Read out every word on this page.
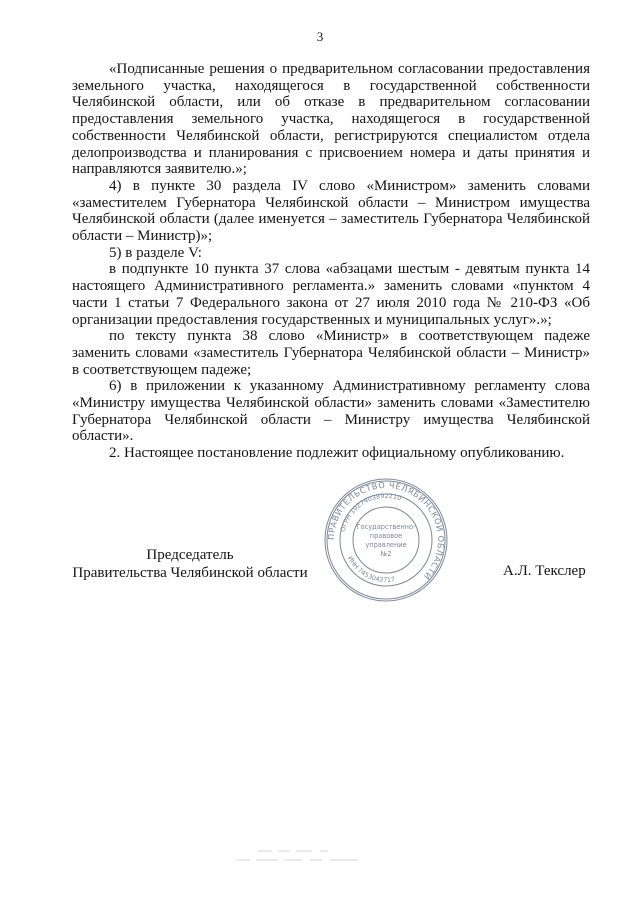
3

«Подписанные решения о предварительном согласовании предоставления земельного участка, находящегося в государственной собственности Челябинской области, или об отказе в предварительном согласовании предоставления земельного участка, находящегося в государственной собственности Челябинской области, регистрируются специалистом отдела делопроизводства и планирования с присвоением номера и даты принятия и направляются заявителю.»;

4) в пункте 30 раздела IV слово «Министром» заменить словами «заместителем Губернатора Челябинской области – Министром имущества Челябинской области (далее именуется – заместитель Губернатора Челябинской области – Министр)»;

5) в разделе V:

в подпункте 10 пункта 37 слова «абзацами шестым - девятым пункта 14 настоящего Административного регламента.» заменить словами «пунктом 4 части 1 статьи 7 Федерального закона от 27 июля 2010 года № 210-ФЗ «Об организации предоставления государственных и муниципальных услуг».»;

по тексту пункта 38 слово «Министр» в соответствующем падеже заменить словами «заместитель Губернатора Челябинской области – Министр» в соответствующем падеже;

6) в приложении к указанному Административному регламенту слова «Министру имущества Челябинской области» заменить словами «Заместителю Губернатора Челябинской области – Министру имущества Челябинской области».

2. Настоящее постановление подлежит официальному опубликованию.

Председатель
Правительства Челябинской области	А.Л. Текслер
ПРАВИТЕЛЬСТВО ЧЕЛЯБИНСКОЙ ОБЛАСТИ
ОГРН 1027403892210
ИНН 7453042717
Государственно-
правовое
управление
№2
